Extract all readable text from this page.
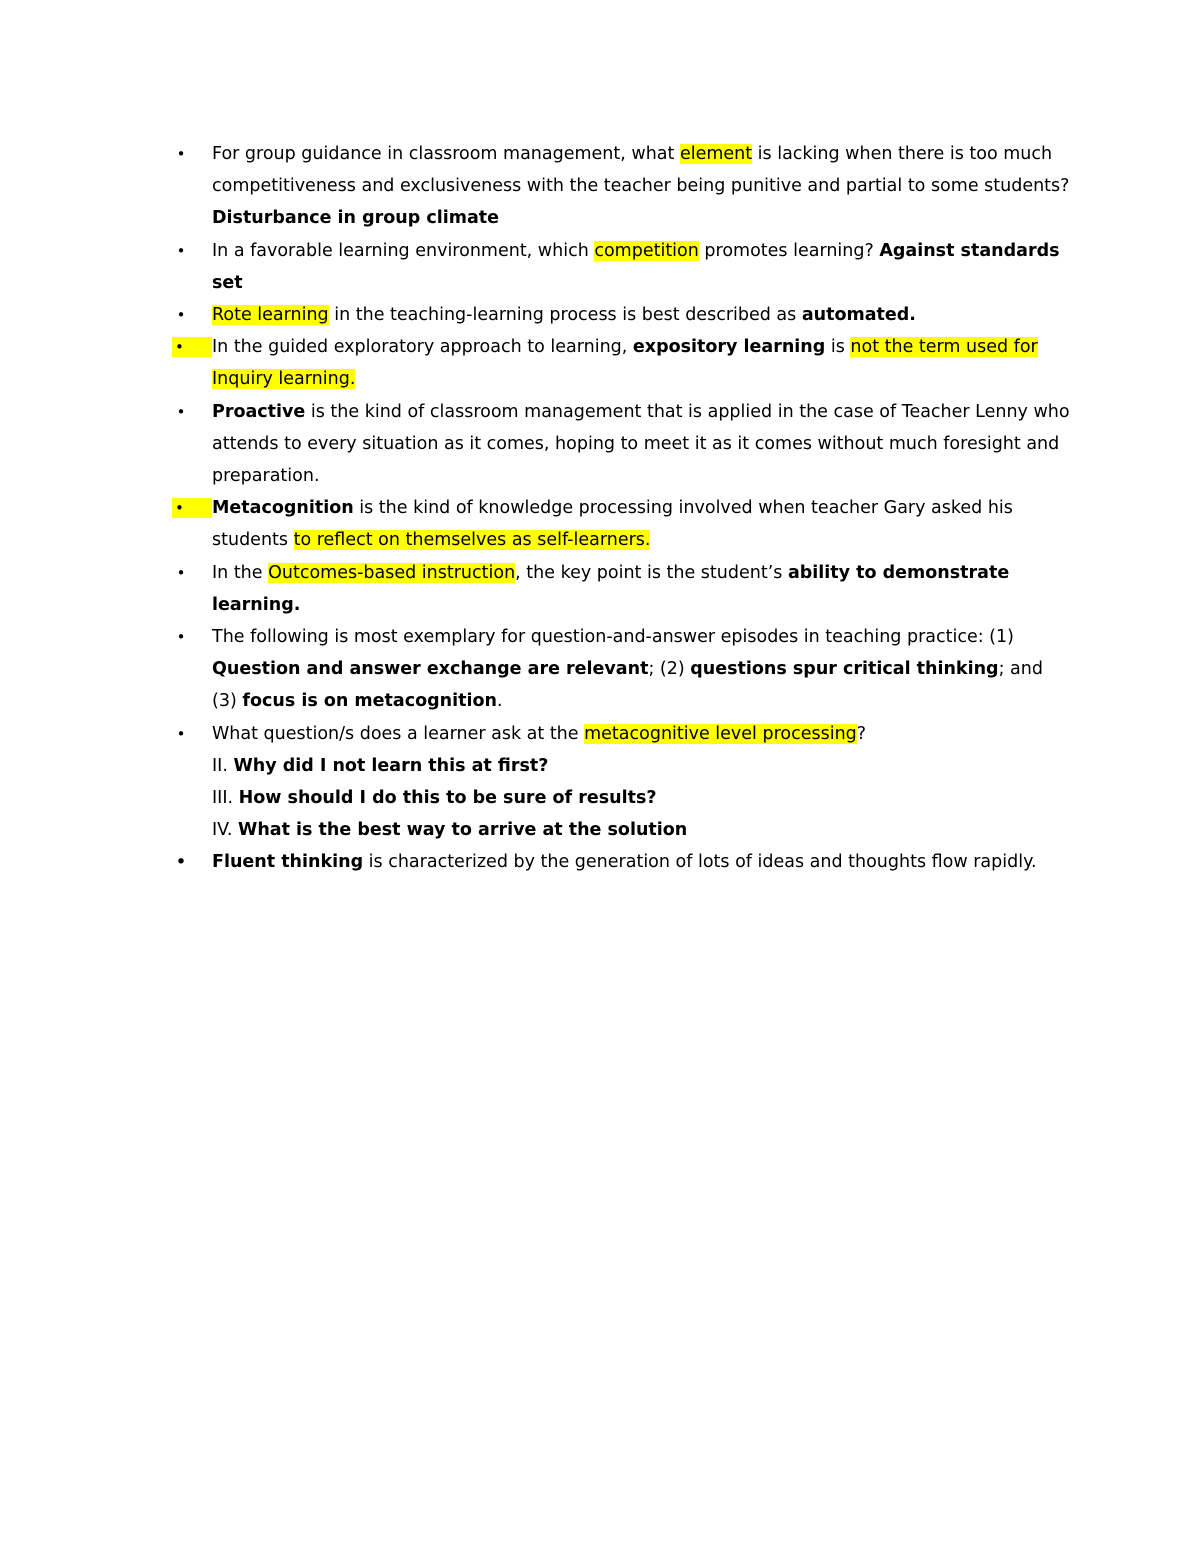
• For group guidance in classroom management, what element is lacking when there is too much competitiveness and exclusiveness with the teacher being punitive and partial to some students? Disturbance in group climate
• In a favorable learning environment, which competition promotes learning? Against standards set
• Rote learning in the teaching-learning process is best described as automated.
•	In the guided exploratory approach to learning, expository learning is not the term used for Inquiry learning.
• Proactive is the kind of classroom management that is applied in the case of Teacher Lenny who attends to every situation as it comes, hoping to meet it as it comes without much foresight and preparation.
•	Metacognition is the kind of knowledge processing involved when teacher Gary asked his students to reflect on themselves as self-learners.
• In the Outcomes-based instruction, the key point is the student’s ability to demonstrate learning.
• The following is most exemplary for question-and-answer episodes in teaching practice: (1) Question and answer exchange are relevant; (2) questions spur critical thinking; and (3) focus is on metacognition.
• What question/s does a learner ask at the metacognitive level processing?
II. Why did I not learn this at first?
III. How should I do this to be sure of results?
IV. What is the best way to arrive at the solution
• Fluent thinking is characterized by the generation of lots of ideas and thoughts flow rapidly.
